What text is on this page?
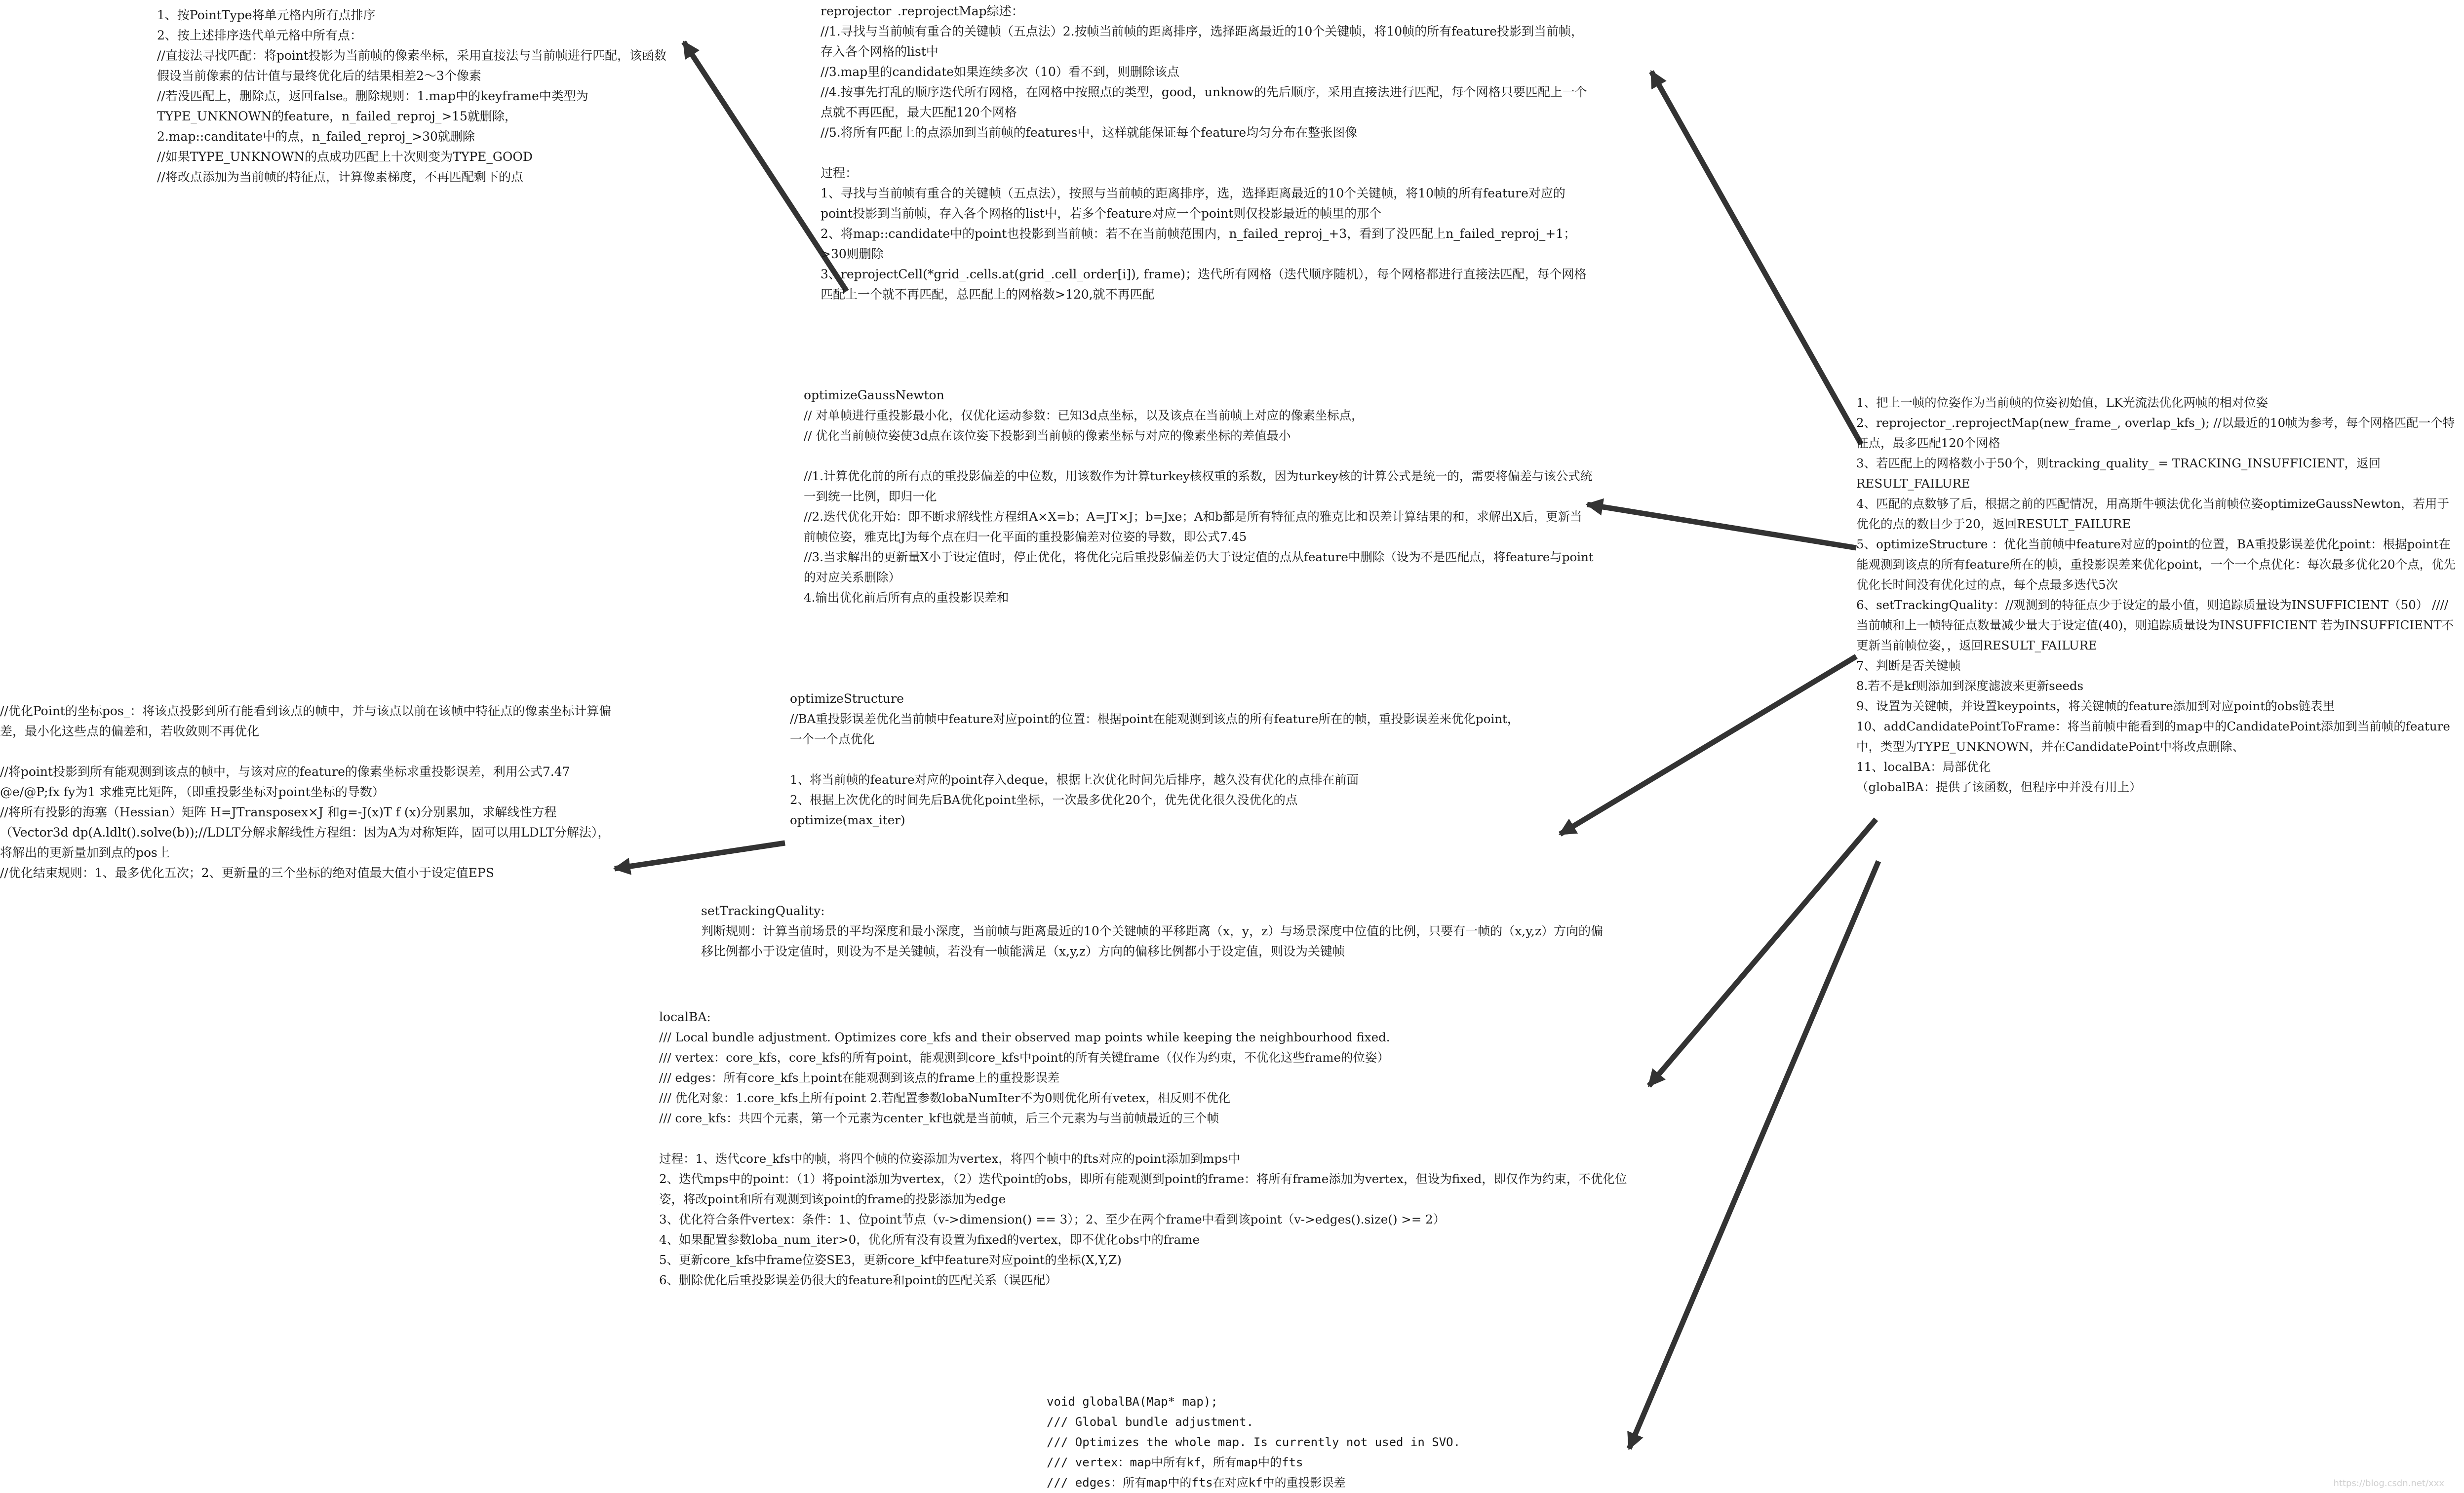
1、按PointType将单元格内所有点排序
2、按上述排序迭代单元格中所有点：
//直接法寻找匹配：将point投影为当前帧的像素坐标，采用直接法与当前帧进行匹配，该函数假设当前像素的估计值与最终优化后的结果相差2～3个像素
//若没匹配上，删除点，返回false。删除规则：1.map中的keyframe中类型为TYPE_UNKNOWN的feature，n_failed_reproj_>15就删除，
2.map::canditate中的点，n_failed_reproj_>30就删除
//如果TYPE_UNKNOWN的点成功匹配上十次则变为TYPE_GOOD
//将改点添加为当前帧的特征点，计算像素梯度，不再匹配剩下的点
reprojector_.reprojectMap综述：
//1.寻找与当前帧有重合的关键帧（五点法）2.按帧当前帧的距离排序，选择距离最近的10个关键帧，将10帧的所有feature投影到当前帧，存入各个网格的list中
//3.map里的candidate如果连续多次（10）看不到，则删除该点
//4.按事先打乱的顺序迭代所有网格，在网格中按照点的类型，good，unknow的先后顺序，采用直接法进行匹配，每个网格只要匹配上一个点就不再匹配，最大匹配120个网格
//5.将所有匹配上的点添加到当前帧的features中，这样就能保证每个feature均匀分布在整张图像
过程：
1、寻找与当前帧有重合的关键帧（五点法），按照与当前帧的距离排序，选，选择距离最近的10个关键帧，将10帧的所有feature对应的point投影到当前帧，存入各个网格的list中，若多个feature对应一个point则仅投影最近的帧里的那个
2、将map::candidate中的point也投影到当前帧：若不在当前帧范围内，n_failed_reproj_+3，看到了没匹配上n_failed_reproj_+1；>30则删除
3、reprojectCell(*grid_.cells.at(grid_.cell_order[i]), frame)；迭代所有网格（迭代顺序随机），每个网格都进行直接法匹配，每个网格匹配上一个就不再匹配，总匹配上的网格数>120,就不再匹配
optimizeGaussNewton
// 对单帧进行重投影最小化，仅优化运动参数：已知3d点坐标，以及该点在当前帧上对应的像素坐标点，
// 优化当前帧位姿使3d点在该位姿下投影到当前帧的像素坐标与对应的像素坐标的差值最小
//1.计算优化前的所有点的重投影偏差的中位数，用该数作为计算turkey核权重的系数，因为turkey核的计算公式是统一的，需要将偏差与该公式统一到统一比例，即归一化
//2.迭代优化开始：即不断求解线性方程组A×X=b；A=JT×J；b=Jxe；A和b都是所有特征点的雅克比和误差计算结果的和，求解出X后，更新当前帧位姿，雅克比J为每个点在归一化平面的重投影偏差对位姿的导数，即公式7.45
//3.当求解出的更新量X小于设定值时，停止优化，将优化完后重投影偏差仍大于设定值的点从feature中删除（设为不是匹配点，将feature与point的对应关系删除）
4.输出优化前后所有点的重投影误差和
//优化Point的坐标pos_：将该点投影到所有能看到该点的帧中，并与该点以前在该帧中特征点的像素坐标计算偏差，最小化这些点的偏差和，若收敛则不再优化
//将point投影到所有能观测到该点的帧中，与该对应的feature的像素坐标求重投影误差，利用公式7.47 @e/@P;fx fy为1 求雅克比矩阵，（即重投影坐标对point坐标的导数）
//将所有投影的海塞（Hessian）矩阵 H=JTransposex×J 和g=-J(x)T f (x)分别累加，求解线性方程（Vector3d dp(A.ldlt().solve(b));//LDLT分解求解线性方程组：因为A为对称矩阵，固可以用LDLT分解法），将解出的更新量加到点的pos上
//优化结束规则：1、最多优化五次；2、更新量的三个坐标的绝对值最大值小于设定值EPS
optimizeStructure
//BA重投影误差优化当前帧中feature对应point的位置：根据point在能观测到该点的所有feature所在的帧，重投影误差来优化point，一个一个点优化
1、将当前帧的feature对应的point存入deque，根据上次优化时间先后排序，越久没有优化的点排在前面
2、根据上次优化的时间先后BA优化point坐标，一次最多优化20个，优先优化很久没优化的点
optimize(max_iter)
setTrackingQuality:
判断规则：计算当前场景的平均深度和最小深度，当前帧与距离最近的10个关键帧的平移距离（x，y，z）与场景深度中位值的比例，只要有一帧的（x,y,z）方向的偏移比例都小于设定值时，则设为不是关键帧，若没有一帧能满足（x,y,z）方向的偏移比例都小于设定值，则设为关键帧
localBA:
/// Local bundle adjustment. Optimizes core_kfs and their observed map points while keeping the neighbourhood fixed.
/// vertex：core_kfs，core_kfs的所有point，能观测到core_kfs中point的所有关键frame（仅作为约束，不优化这些frame的位姿）
/// edges：所有core_kfs上point在能观测到该点的frame上的重投影误差
/// 优化对象：1.core_kfs上所有point 2.若配置参数lobaNumIter不为0则优化所有vetex，相反则不优化
/// core_kfs：共四个元素，第一个元素为center_kf也就是当前帧，后三个元素为与当前帧最近的三个帧
过程：1、迭代core_kfs中的帧，将四个帧的位姿添加为vertex，将四个帧中的fts对应的point添加到mps中
2、迭代mps中的point：（1）将point添加为vertex，（2）迭代point的obs，即所有能观测到point的frame：将所有frame添加为vertex，但设为fixed，即仅作为约束，不优化位姿，将改point和所有观测到该point的frame的投影添加为edge
3、优化符合条件vertex：条件：1、位point节点（v->dimension() == 3）；2、至少在两个frame中看到该point（v->edges().size() >= 2）
4、如果配置参数loba_num_iter>0，优化所有没有设置为fixed的vertex，即不优化obs中的frame
5、更新core_kfs中frame位姿SE3，更新core_kf中feature对应point的坐标(X,Y,Z)
6、删除优化后重投影误差仍很大的feature和point的匹配关系（误匹配）
void globalBA(Map* map);
/// Global bundle adjustment.
/// Optimizes the whole map. Is currently not used in SVO.
/// vertex：map中所有kf，所有map中的fts
/// edges：所有map中的fts在对应kf中的重投影误差
1、把上一帧的位姿作为当前帧的位姿初始值，LK光流法优化两帧的相对位姿
2、reprojector_.reprojectMap(new_frame_, overlap_kfs_); //以最近的10帧为参考，每个网格匹配一个特征点，最多匹配120个网格
3、若匹配上的网格数小于50个，则tracking_quality_ = TRACKING_INSUFFICIENT，返回 RESULT_FAILURE
4、匹配的点数够了后，根据之前的匹配情况，用高斯牛顿法优化当前帧位姿optimizeGaussNewton，若用于优化的点的数目少于20，返回RESULT_FAILURE
5、optimizeStructure ：优化当前帧中feature对应的point的位置，BA重投影误差优化point：根据point在能观测到该点的所有feature所在的帧，重投影误差来优化point，一个一个点优化：每次最多优化20个点，优先优化长时间没有优化过的点，每个点最多迭代5次
6、setTrackingQuality：//观测到的特征点少于设定的最小值，则追踪质量设为INSUFFICIENT（50） ////当前帧和上一帧特征点数量减少量大于设定值(40)，则追踪质量设为INSUFFICIENT 若为INSUFFICIENT不更新当前帧位姿，，返回RESULT_FAILURE
7、判断是否关键帧
8.若不是kf则添加到深度滤波来更新seeds
9、设置为关键帧，并设置keypoints，将关键帧的feature添加到对应point的obs链表里
10、addCandidatePointToFrame：将当前帧中能看到的map中的CandidatePoint添加到当前帧的feature中，类型为TYPE_UNKNOWN，并在CandidatePoint中将改点删除、
11、localBA：局部优化
（globalBA：提供了该函数，但程序中并没有用上）
https://blog.csdn.net/xxx
